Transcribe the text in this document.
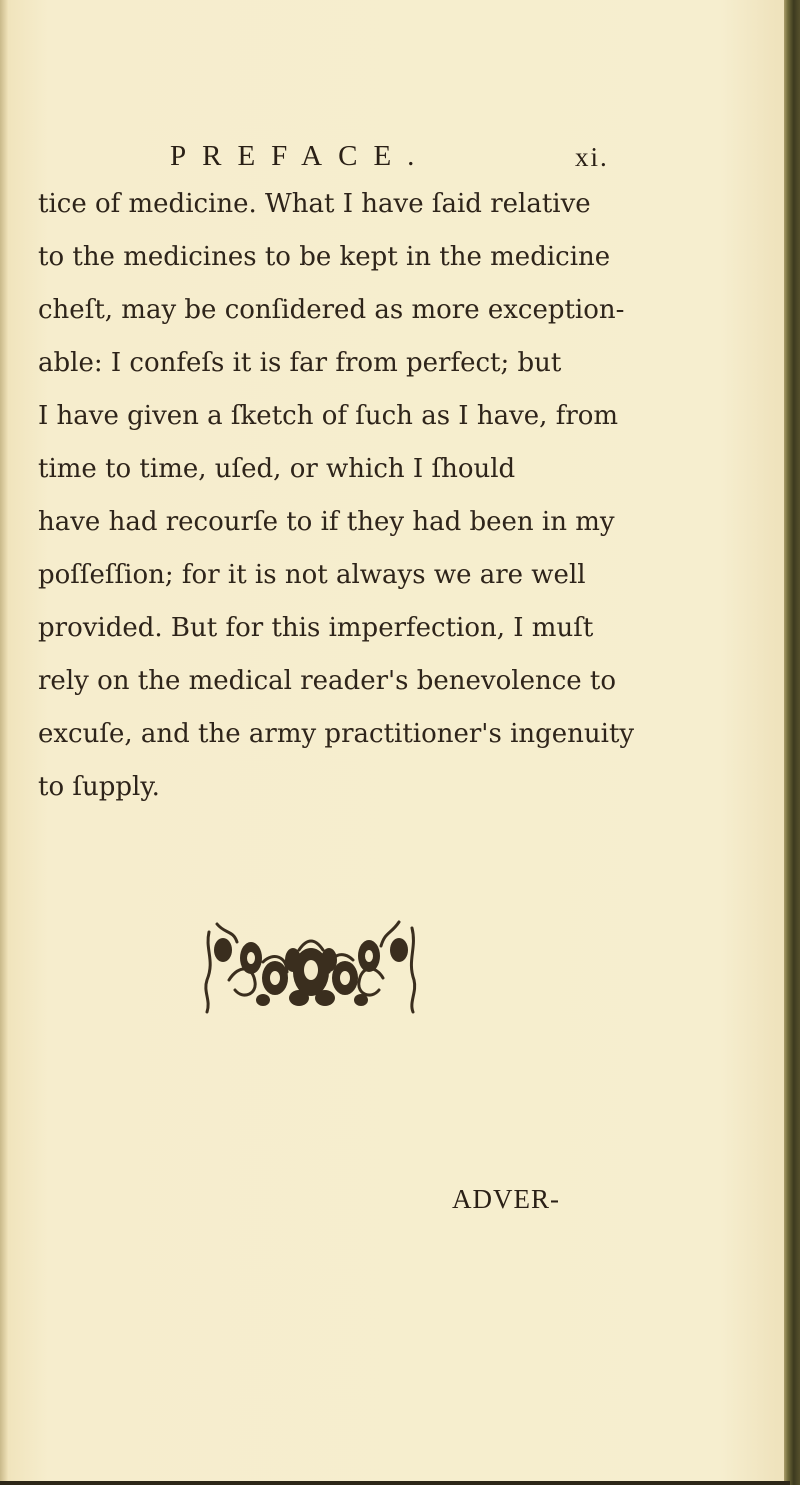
PREFACE.	xi.
tice of medicine. What I have ſaid relative
to the medicines to be kept in the medicine
cheſt, may be conſidered as more exception-
able: I confeſs it is far from perfect; but
I have given a ſketch of ſuch as I have, from
time to time, uſed, or which I ſhould
have had recourſe to if they had been in my
poſſeſſion; for it is not always we are well
provided. But for this imperfection, I muſt
rely on the medical reader's benevolence to
excuſe, and the army practitioner's ingenuity
to ſupply.
ADVER-
